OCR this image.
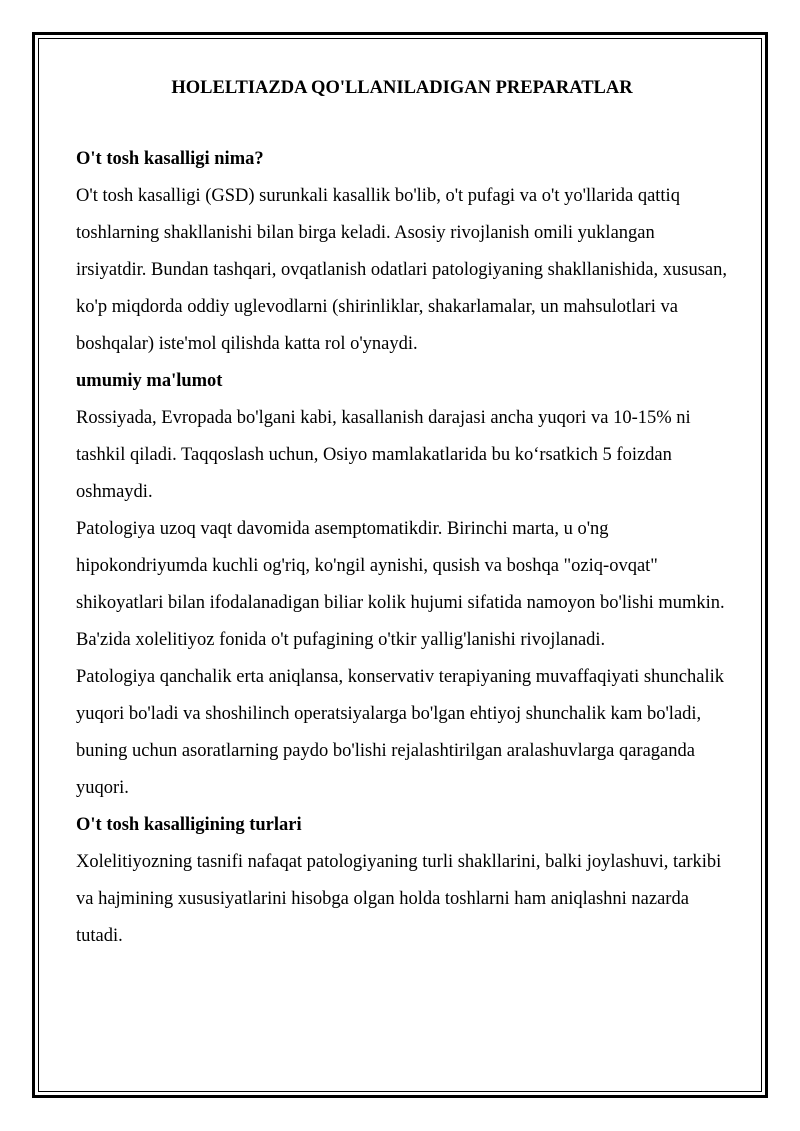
HOLELTIAZDA QO'LLANILADIGAN PREPARATLAR

O't tosh kasalligi nima?

O't tosh kasalligi (GSD) surunkali kasallik bo'lib, o't pufagi va o't yo'llarida qattiq toshlarning shakllanishi bilan birga keladi. Asosiy rivojlanish omili yuklangan irsiyatdir. Bundan tashqari, ovqatlanish odatlari patologiyaning shakllanishida, xususan, ko'p miqdorda oddiy uglevodlarni (shirinliklar, shakarlamalar, un mahsulotlari va boshqalar) iste'mol qilishda katta rol o'ynaydi.

umumiy ma'lumot

Rossiyada, Evropada bo'lgani kabi, kasallanish darajasi ancha yuqori va 10-15% ni tashkil qiladi. Taqqoslash uchun, Osiyo mamlakatlarida bu ko‘rsatkich 5 foizdan oshmaydi.

Patologiya uzoq vaqt davomida asemptomatikdir. Birinchi marta, u o'ng hipokondriyumda kuchli og'riq, ko'ngil aynishi, qusish va boshqa "oziq-ovqat" shikoyatlari bilan ifodalanadigan biliar kolik hujumi sifatida namoyon bo'lishi mumkin. Ba'zida xolelitiyoz fonida o't pufagining o'tkir yallig'lanishi rivojlanadi.

Patologiya qanchalik erta aniqlansa, konservativ terapiyaning muvaffaqiyati shunchalik yuqori bo'ladi va shoshilinch operatsiyalarga bo'lgan ehtiyoj shunchalik kam bo'ladi, buning uchun asoratlarning paydo bo'lishi rejalashtirilgan aralashuvlarga qaraganda yuqori.

O't tosh kasalligining turlari

Xolelitiyozning tasnifi nafaqat patologiyaning turli shakllarini, balki joylashuvi, tarkibi va hajmining xususiyatlarini hisobga olgan holda toshlarni ham aniqlashni nazarda tutadi.
